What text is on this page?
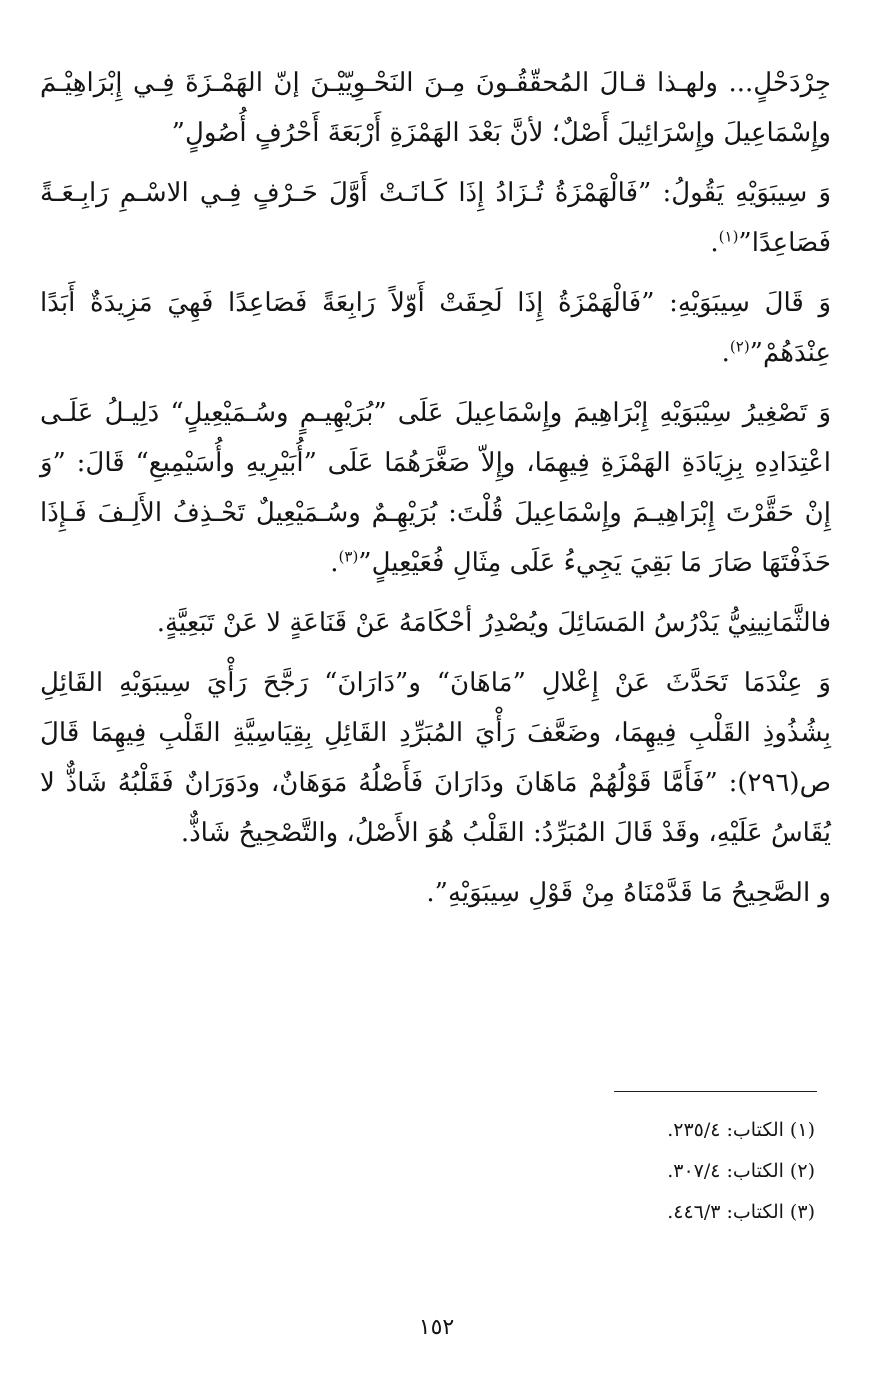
جِرْدَحْلٍ... ولهـذا قـالَ المُحقّقُـونَ مِـنَ النَحْـوِيّيْـنَ إنّ الهَمْـزَةَ فِـي إِبْرَاهِيْـمَ وإِسْمَاعِيلَ وإِسْرَائِيلَ أَصْلٌ؛ لأنَّ بَعْدَ الهَمْزَةِ أَرْبَعَةَ أَحْرُفٍ أُصُولٍ”

وَ سِيبَوَيْهِ يَقُولُ: ”فَالْهَمْزَةُ تُـزَادُ إِذَا كَـانَـتْ أَوَّلَ حَـرْفٍ فِـي الاسْـمِ رَابِـعَـةً فَصَاعِدًا”$^{(١)}$.

وَ قَالَ سِيبَوَيْهِ: ”فَالْهَمْزَةُ إِذَا لَحِقَتْ أَوّلاً رَابِعَةً فَصَاعِدًا فَهِيَ مَزِيدَةٌ أَبَدًا عِنْدَهُمْ”$^{(٢)}$.

وَ تَصْغِيرُ سِيْبَوَيْهِ إِبْرَاهِيمَ وإِسْمَاعِيلَ عَلَى ”بُرَيْهِيـمٍ وسُـمَيْعِيلٍ“ دَلِيـلُ عَلَـى اعْتِدَادِهِ بِزِيَادَةِ الهَمْزَةِ فِيهِمَا، وإِلاّ صَغَّرَهُمَا عَلَى ”أُبَيْرِيهِ وأُسَيْمِيعِ“ قَالَ: ”وَ إِنْ حَقَّرْتَ إِبْرَاهِيـمَ وإِسْمَاعِيلَ قُلْتَ: بُرَيْهِـمٌ وسُـمَيْعِيلٌ تَحْـذِفُ الأَلِـفَ فَـإِذَا حَذَفْتَهَا صَارَ مَا بَقِيَ يَجِيءُ عَلَى مِثَالِ فُعَيْعِيلٍ”$^{(٣)}$.

فالثَّمَانِينِيُّ يَدْرُسُ المَسَائِلَ ويُصْدِرُ أحْكَامَهُ عَنْ قَنَاعَةٍ لا عَنْ تَبَعِيَّةٍ.

وَ عِنْدَمَا تَحَدَّثَ عَنْ إِعْلالِ ”مَاهَانَ“ و”دَارَانَ“ رَجَّحَ رَأْيَ سِيبَوَيْهِ القَائِلِ بِشُذُوذِ القَلْبِ فِيهِمَا، وضَعَّفَ رَأْيَ المُبَرِّدِ القَائِلِ بِقِيَاسِيَّةِ القَلْبِ فِيهِمَا قَالَ ص(٢٩٦): ”فَأَمَّا قَوْلُهُمْ مَاهَانَ ودَارَانَ فَأَصْلُهُ مَوَهَانٌ، ودَوَرَانٌ فَقَلْبُهُ شَاذٌّ لا يُقَاسُ عَلَيْهِ، وقَدْ قَالَ المُبَرِّدُ: القَلْبُ هُوَ الأَصْلُ، والتَّصْحِيحُ شَاذٌّ.

و الصَّحِيحُ مَا قَدَّمْنَاهُ مِنْ قَوْلِ سِيبَوَيْهِ”.

(١) الكتاب: ٢٣٥/٤.
(٢) الكتاب: ٣٠٧/٤.
(٣) الكتاب: ٤٤٦/٣.
١٥٢
